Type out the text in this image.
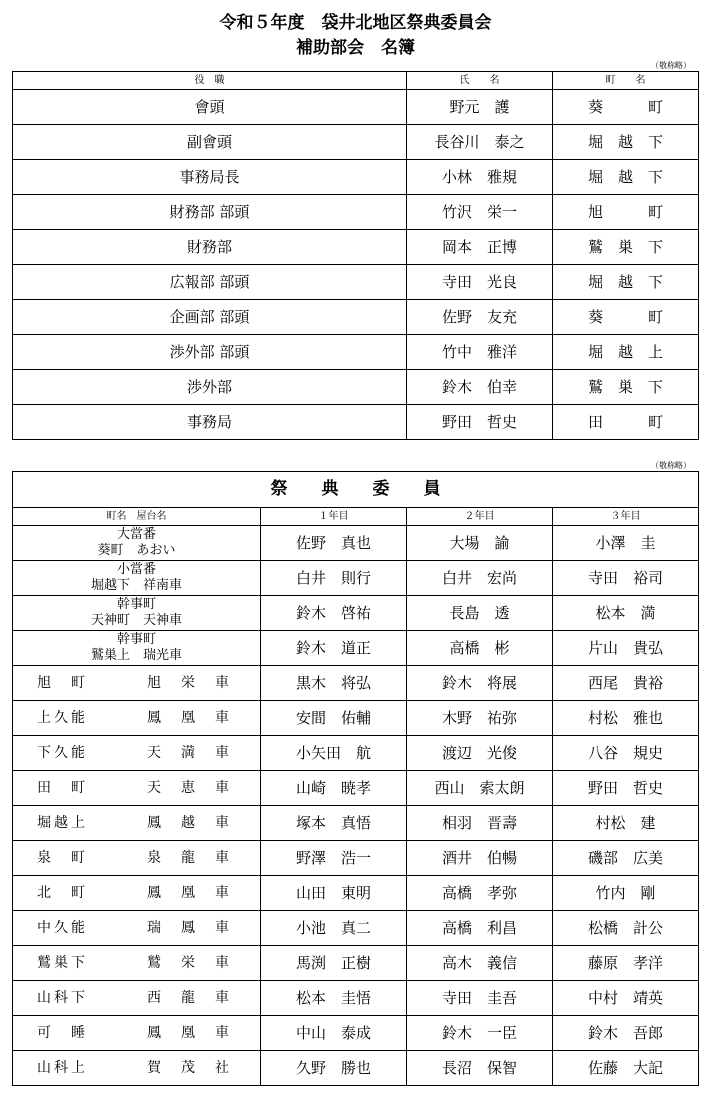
令和５年度　袋井北地区祭典委員会
補助部会　名簿
（敬称略）
役　職	氏　　名	町　　名
會頭	野元　護	葵　　　町
副會頭	長谷川　泰之	堀　越　下
事務局長	小林　雅規	堀　越　下
財務部 部頭	竹沢　栄一	旭　　　町
財務部	岡本　正博	鷲　巣　下
広報部 部頭	寺田　光良	堀　越　下
企画部 部頭	佐野　友充	葵　　　町
渉外部 部頭	竹中　雅洋	堀　越　上
渉外部	鈴木　伯幸	鷲　巣　下
事務局	野田　哲史	田　　　町
（敬称略）
祭　　典　　委　　員			
町名　屋台名	１年目	２年目	３年目

大當番
葵町　あおい	佐野　真也	大場　諭	小澤　圭

小當番
堀越下　祥南車	白井　則行	白井　宏尚	寺田　裕司

幹事町
天神町　天神車	鈴木　啓祐	長島　透	松本　満

幹事町
鷲巣上　瑞光車	鈴木　道正	高橋　彬	片山　貴弘
旭　町 旭　栄　車	黒木　将弘	鈴木　将展	西尾　貴裕
上久能 鳳　凰　車	安間　佑輔	木野　祐弥	村松　雅也
下久能 天　満　車	小矢田　航	渡辺　光俊	八谷　規史
田　町 天　恵　車	山崎　暁孝	西山　索太朗	野田　哲史
堀越上 鳳　越　車	塚本　真悟	相羽　晋壽	村松　建
泉　町 泉　龍　車	野澤　浩一	酒井　伯暢	磯部　広美
北　町 鳳　凰　車	山田　東明	高橋　孝弥	竹内　剛
中久能 瑞　鳳　車	小池　真二	高橋　利昌	松橋　計公
鷲巣下 鷲　栄　車	馬渕　正樹	高木　義信	藤原　孝洋
山科下 西　龍　車	松本　圭悟	寺田　圭吾	中村　靖英
可　睡 鳳　凰　車	中山　泰成	鈴木　一臣	鈴木　吾郎
山科上 賀　茂　社	久野　勝也	長沼　保智	佐藤　大記
